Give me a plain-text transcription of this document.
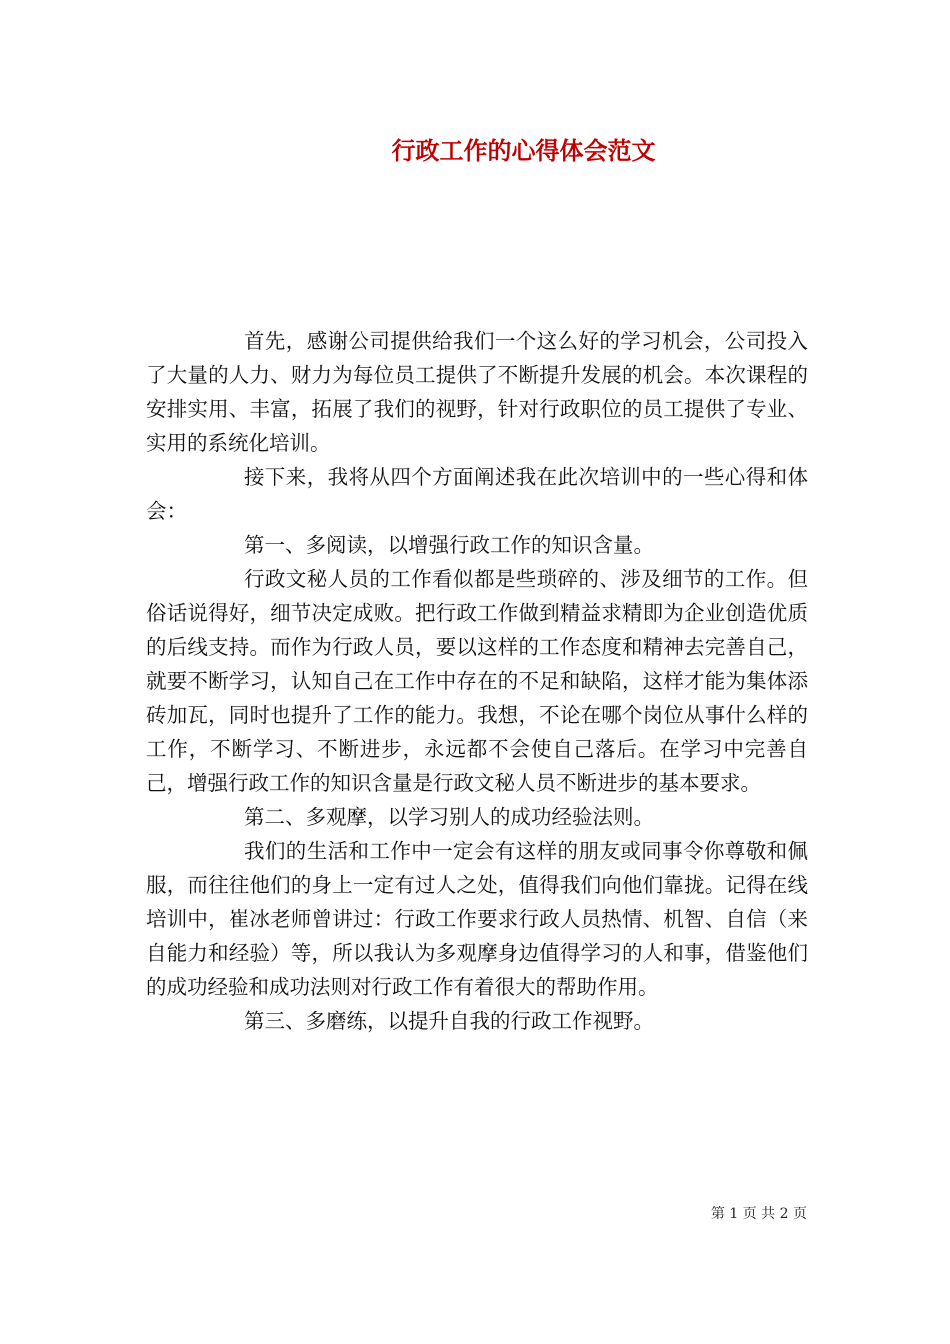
行政工作的心得体会范文

首先，感谢公司提供给我们一个这么好的学习机会，公司投入了大量的人力、财力为每位员工提供了不断提升发展的机会。本次课程的安排实用、丰富，拓展了我们的视野，针对行政职位的员工提供了专业、实用的系统化培训。

接下来，我将从四个方面阐述我在此次培训中的一些心得和体会：

第一、多阅读，以增强行政工作的知识含量。

行政文秘人员的工作看似都是些琐碎的、涉及细节的工作。但俗话说得好，细节决定成败。把行政工作做到精益求精即为企业创造优质的后线支持。而作为行政人员，要以这样的工作态度和精神去完善自己，就要不断学习，认知自己在工作中存在的不足和缺陷，这样才能为集体添砖加瓦，同时也提升了工作的能力。我想，不论在哪个岗位从事什么样的工作，不断学习、不断进步，永远都不会使自己落后。在学习中完善自己，增强行政工作的知识含量是行政文秘人员不断进步的基本要求。

第二、多观摩，以学习别人的成功经验法则。

我们的生活和工作中一定会有这样的朋友或同事令你尊敬和佩服，而往往他们的身上一定有过人之处，值得我们向他们靠拢。记得在线培训中，崔冰老师曾讲过：行政工作要求行政人员热情、机智、自信（来自能力和经验）等，所以我认为多观摩身边值得学习的人和事，借鉴他们的成功经验和成功法则对行政工作有着很大的帮助作用。

第三、多磨练，以提升自我的行政工作视野。

第 1 页 共 2 页
